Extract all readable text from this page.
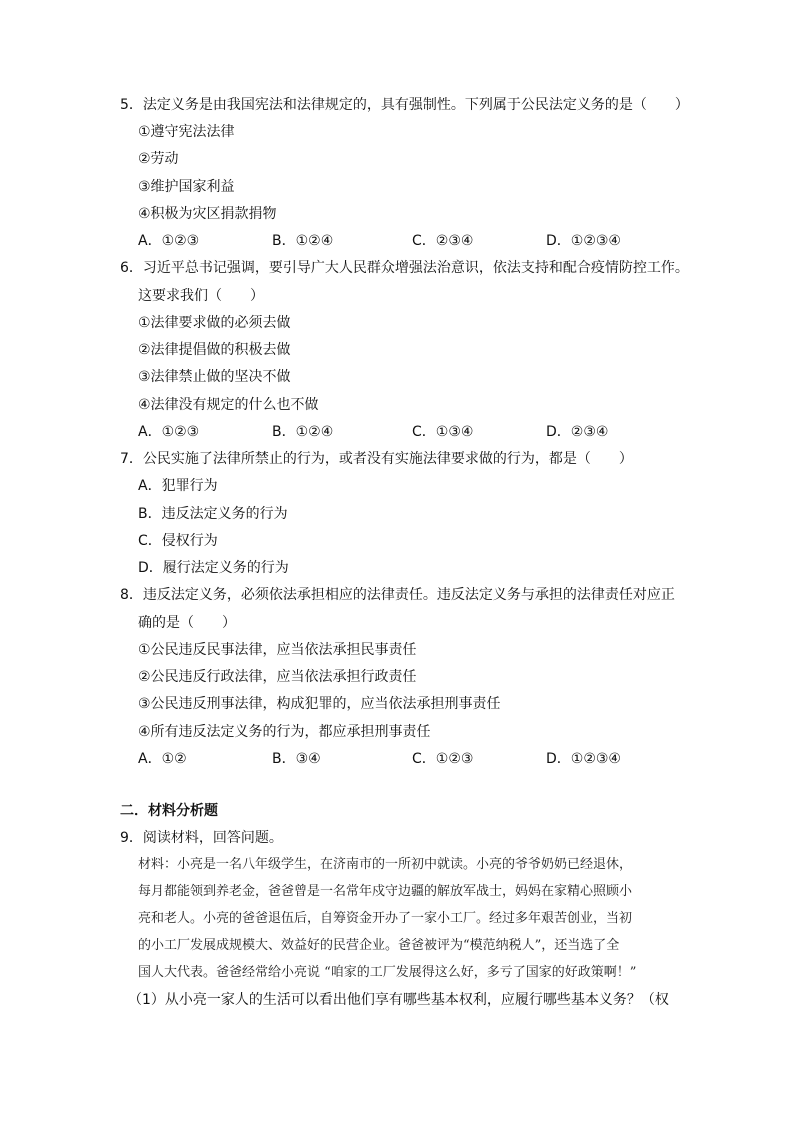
5．法定义务是由我国宪法和法律规定的，具有强制性。下列属于公民法定义务的是（　　）
①遵守宪法法律
②劳动
③维护国家利益
④积极为灾区捐款捐物
A．①②③	B．①②④	C．②③④	D．①②③④
6．习近平总书记强调，要引导广大人民群众增强法治意识，依法支持和配合疫情防控工作。
这要求我们（　　）
①法律要求做的必须去做
②法律提倡做的积极去做
③法律禁止做的坚决不做
④法律没有规定的什么也不做
A．①②③	B．①②④	C．①③④	D．②③④
7．公民实施了法律所禁止的行为，或者没有实施法律要求做的行为，都是（　　）
A．犯罪行为
B．违反法定义务的行为
C．侵权行为
D．履行法定义务的行为
8．违反法定义务，必须依法承担相应的法律责任。违反法定义务与承担的法律责任对应正
确的是（　　）
①公民违反民事法律，应当依法承担民事责任
②公民违反行政法律，应当依法承担行政责任
③公民违反刑事法律，构成犯罪的，应当依法承担刑事责任
④所有违反法定义务的行为，都应承担刑事责任
A．①②	B．③④	C．①②③	D．①②③④
二．材料分析题
9．阅读材料，回答问题。
材料：小亮是一名八年级学生，在济南市的一所初中就读。小亮的爷爷奶奶已经退休，
每月都能领到养老金，爸爸曾是一名常年戍守边疆的解放军战士，妈妈在家精心照顾小
亮和老人。小亮的爸爸退伍后，自筹资金开办了一家小工厂。经过多年艰苦创业，当初
的小工厂发展成规模大、效益好的民营企业。爸爸被评为“模范纳税人”，还当选了全
国人大代表。爸爸经常给小亮说 “咱家的工厂发展得这么好，多亏了国家的好政策啊！”
（1）从小亮一家人的生活可以看出他们享有哪些基本权利，应履行哪些基本义务？（权
